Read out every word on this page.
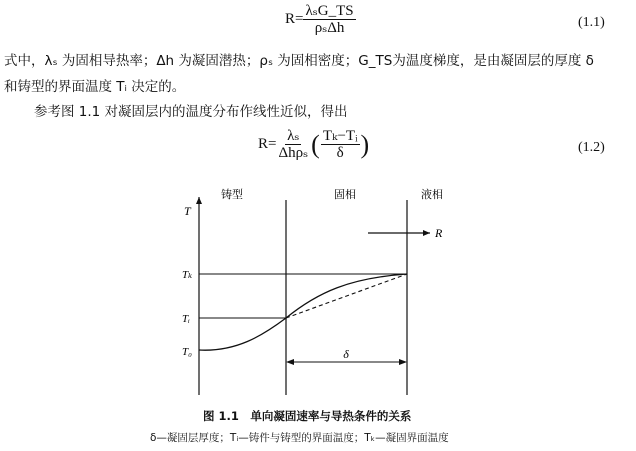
$R= \frac{\text{λₛG\_TS}}{\text{ρₛΔh}}$	(1.1)
式中，λₛ 为固相导热率；Δh 为凝固潜热；ρₛ 为固相密度；G_TS为温度梯度，是由凝固层的厚度 δ
和铸型的界面温度 Tᵢ 决定的。
参考图 1.1 对凝固层内的温度分布作线性近似，得出
$R= \frac{\text{λₛ}}{\text{Δhρₛ}}$ ( $\frac{\text{Tₖ−Tᵢ}}{\delta}$ )	(1.2)
铸型	固相	液相
T
Tₖ
Tᵢ
T₀
R
δ
图 1.1　单向凝固速率与导热条件的关系
δ—凝固层厚度；Tᵢ—铸件与铸型的界面温度；Tₖ—凝固界面温度
